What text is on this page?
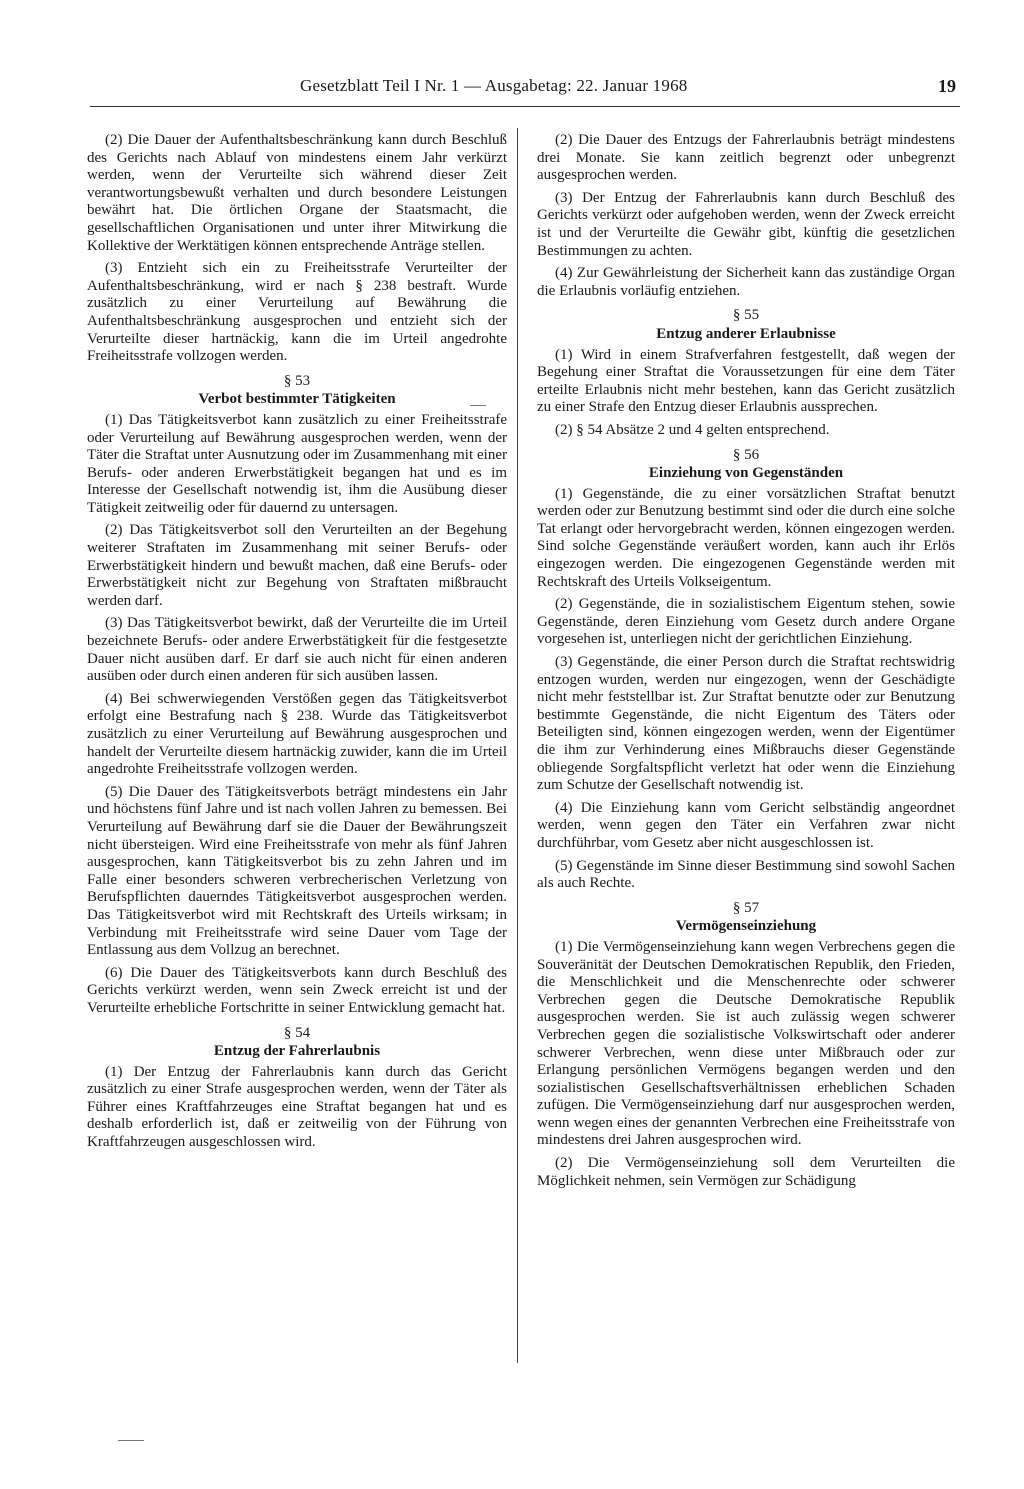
Gesetzblatt Teil I Nr. 1 — Ausgabetag: 22. Januar 1968	19

(2) Die Dauer der Aufenthaltsbeschränkung kann durch Beschluß des Gerichts nach Ablauf von mindestens einem Jahr verkürzt werden, wenn der Verurteilte sich während dieser Zeit verantwortungsbewußt verhalten und durch besondere Leistungen bewährt hat. Die örtlichen Organe der Staatsmacht, die gesellschaftlichen Organisationen und unter ihrer Mitwirkung die Kollektive der Werktätigen können entsprechende Anträge stellen.

(3) Entzieht sich ein zu Freiheitsstrafe Verurteilter der Aufenthaltsbeschränkung, wird er nach § 238 bestraft. Wurde zusätzlich zu einer Verurteilung auf Bewährung die Aufenthaltsbeschränkung ausgesprochen und entzieht sich der Verurteilte dieser hartnäckig, kann die im Urteil angedrohte Freiheitsstrafe vollzogen werden.

§ 53
Verbot bestimmter Tätigkeiten

(1) Das Tätigkeitsverbot kann zusätzlich zu einer Freiheitsstrafe oder Verurteilung auf Bewährung ausgesprochen werden, wenn der Täter die Straftat unter Ausnutzung oder im Zusammenhang mit einer Berufs- oder anderen Erwerbstätigkeit begangen hat und es im Interesse der Gesellschaft notwendig ist, ihm die Ausübung dieser Tätigkeit zeitweilig oder für dauernd zu untersagen.

(2) Das Tätigkeitsverbot soll den Verurteilten an der Begehung weiterer Straftaten im Zusammenhang mit seiner Berufs- oder Erwerbstätigkeit hindern und bewußt machen, daß eine Berufs- oder Erwerbstätigkeit nicht zur Begehung von Straftaten mißbraucht werden darf.

(3) Das Tätigkeitsverbot bewirkt, daß der Verurteilte die im Urteil bezeichnete Berufs- oder andere Erwerbstätigkeit für die festgesetzte Dauer nicht ausüben darf. Er darf sie auch nicht für einen anderen ausüben oder durch einen anderen für sich ausüben lassen.

(4) Bei schwerwiegenden Verstößen gegen das Tätigkeitsverbot erfolgt eine Bestrafung nach § 238. Wurde das Tätigkeitsverbot zusätzlich zu einer Verurteilung auf Bewährung ausgesprochen und handelt der Verurteilte diesem hartnäckig zuwider, kann die im Urteil angedrohte Freiheitsstrafe vollzogen werden.

(5) Die Dauer des Tätigkeitsverbots beträgt mindestens ein Jahr und höchstens fünf Jahre und ist nach vollen Jahren zu bemessen. Bei Verurteilung auf Bewährung darf sie die Dauer der Bewährungszeit nicht übersteigen. Wird eine Freiheitsstrafe von mehr als fünf Jahren ausgesprochen, kann Tätigkeitsverbot bis zu zehn Jahren und im Falle einer besonders schweren verbrecherischen Verletzung von Berufspflichten dauerndes Tätigkeitsverbot ausgesprochen werden. Das Tätigkeitsverbot wird mit Rechtskraft des Urteils wirksam; in Verbindung mit Freiheitsstrafe wird seine Dauer vom Tage der Entlassung aus dem Vollzug an berechnet.

(6) Die Dauer des Tätigkeitsverbots kann durch Beschluß des Gerichts verkürzt werden, wenn sein Zweck erreicht ist und der Verurteilte erhebliche Fortschritte in seiner Entwicklung gemacht hat.

§ 54
Entzug der Fahrerlaubnis

(1) Der Entzug der Fahrerlaubnis kann durch das Gericht zusätzlich zu einer Strafe ausgesprochen werden, wenn der Täter als Führer eines Kraftfahrzeuges eine Straftat begangen hat und es deshalb erforderlich ist, daß er zeitweilig von der Führung von Kraftfahrzeugen ausgeschlossen wird.

(2) Die Dauer des Entzugs der Fahrerlaubnis beträgt mindestens drei Monate. Sie kann zeitlich begrenzt oder unbegrenzt ausgesprochen werden.

(3) Der Entzug der Fahrerlaubnis kann durch Beschluß des Gerichts verkürzt oder aufgehoben werden, wenn der Zweck erreicht ist und der Verurteilte die Gewähr gibt, künftig die gesetzlichen Bestimmungen zu achten.

(4) Zur Gewährleistung der Sicherheit kann das zuständige Organ die Erlaubnis vorläufig entziehen.

§ 55
Entzug anderer Erlaubnisse

(1) Wird in einem Strafverfahren festgestellt, daß wegen der Begehung einer Straftat die Voraussetzungen für eine dem Täter erteilte Erlaubnis nicht mehr bestehen, kann das Gericht zusätzlich zu einer Strafe den Entzug dieser Erlaubnis aussprechen.

(2) § 54 Absätze 2 und 4 gelten entsprechend.

§ 56
Einziehung von Gegenständen

(1) Gegenstände, die zu einer vorsätzlichen Straftat benutzt werden oder zur Benutzung bestimmt sind oder die durch eine solche Tat erlangt oder hervorgebracht werden, können eingezogen werden. Sind solche Gegenstände veräußert worden, kann auch ihr Erlös eingezogen werden. Die eingezogenen Gegenstände werden mit Rechtskraft des Urteils Volkseigentum.

(2) Gegenstände, die in sozialistischem Eigentum stehen, sowie Gegenstände, deren Einziehung vom Gesetz durch andere Organe vorgesehen ist, unterliegen nicht der gerichtlichen Einziehung.

(3) Gegenstände, die einer Person durch die Straftat rechtswidrig entzogen wurden, werden nur eingezogen, wenn der Geschädigte nicht mehr feststellbar ist. Zur Straftat benutzte oder zur Benutzung bestimmte Gegenstände, die nicht Eigentum des Täters oder Beteiligten sind, können eingezogen werden, wenn der Eigentümer die ihm zur Verhinderung eines Mißbrauchs dieser Gegenstände obliegende Sorgfaltspflicht verletzt hat oder wenn die Einziehung zum Schutze der Gesellschaft notwendig ist.

(4) Die Einziehung kann vom Gericht selbständig angeordnet werden, wenn gegen den Täter ein Verfahren zwar nicht durchführbar, vom Gesetz aber nicht ausgeschlossen ist.

(5) Gegenstände im Sinne dieser Bestimmung sind sowohl Sachen als auch Rechte.

§ 57
Vermögenseinziehung

(1) Die Vermögenseinziehung kann wegen Verbrechens gegen die Souveränität der Deutschen Demokratischen Republik, den Frieden, die Menschlichkeit und die Menschenrechte oder schwerer Verbrechen gegen die Deutsche Demokratische Republik ausgesprochen werden. Sie ist auch zulässig wegen schwerer Verbrechen gegen die sozialistische Volkswirtschaft oder anderer schwerer Verbrechen, wenn diese unter Mißbrauch oder zur Erlangung persönlichen Vermögens begangen werden und den sozialistischen Gesellschaftsverhältnissen erheblichen Schaden zufügen. Die Vermögenseinziehung darf nur ausgesprochen werden, wenn wegen eines der genannten Verbrechen eine Freiheitsstrafe von mindestens drei Jahren ausgesprochen wird.

(2) Die Vermögenseinziehung soll dem Verurteilten die Möglichkeit nehmen, sein Vermögen zur Schädigung
